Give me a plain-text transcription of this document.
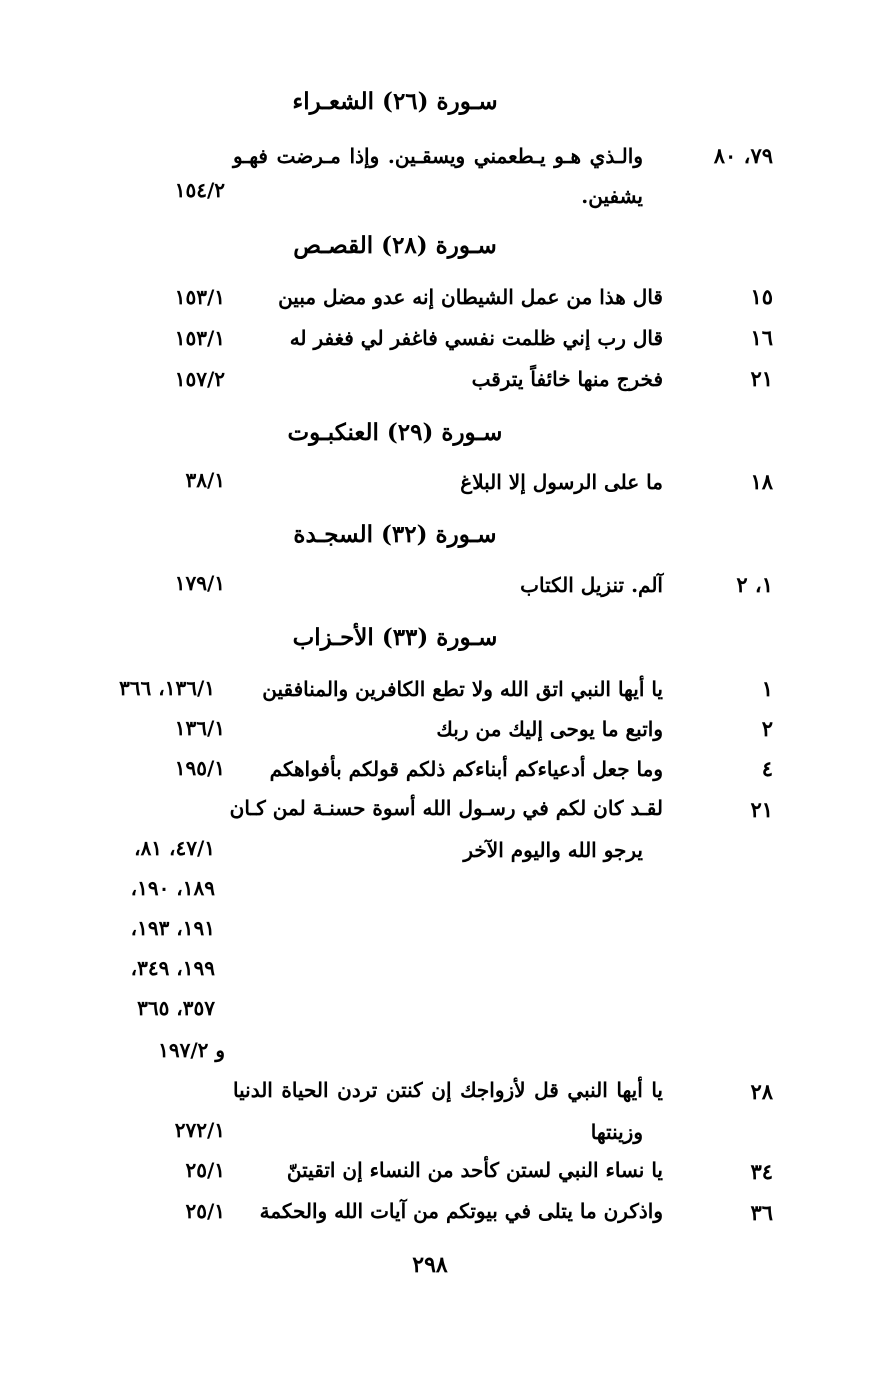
سـورة (٢٦) الشعـراء
٧٩، ٨٠
والـذي هـو يـطعمني ويسقـين. وإذا مـرضت فهـو
يشفين.
١٥٤/٢
سـورة (٢٨) القصـص
١٥
قال هذا من عمل الشيطان إنه عدو مضل مبين
١٥٣/١
١٦
قال رب إني ظلمت نفسي فاغفر لي فغفر له
١٥٣/١
٢١
فخرج منها خائفاً يترقب
١٥٧/٢
سـورة (٢٩) العنكبـوت
١٨
ما على الرسول إلا البلاغ
٣٨/١
سـورة (٣٢) السجـدة
١، ٢
آلم. تنزيل الكتاب
١٧٩/١
سـورة (٣٣) الأحـزاب
١
يا أيها النبي اتق الله ولا تطع الكافرين والمنافقين
١٣٦/١، ٣٦٦
٢
واتبع ما يوحى إليك من ربك
١٣٦/١
٤
وما جعل أدعياءكم أبناءكم ذلكم قولكم بأفواهكم
١٩٥/١
٢١
لقـد كان لكم في رسـول الله أسوة حسنـة لمن كـان
يرجو الله واليوم الآخر
٤٧/١، ٨١،
١٨٩، ١٩٠،
١٩١، ١٩٣،
١٩٩، ٣٤٩،
٣٥٧، ٣٦٥
و ١٩٧/٢
٢٨
يا أيها النبي قل لأزواجك إن كنتن تردن الحياة الدنيا
وزينتها
٢٧٢/١
٣٤
يا نساء النبي لستن كأحد من النساء إن اتقيتنّ
٢٥/١
٣٦
واذكرن ما يتلى في بيوتكم من آيات الله والحكمة
٢٥/١
٢٩٨
